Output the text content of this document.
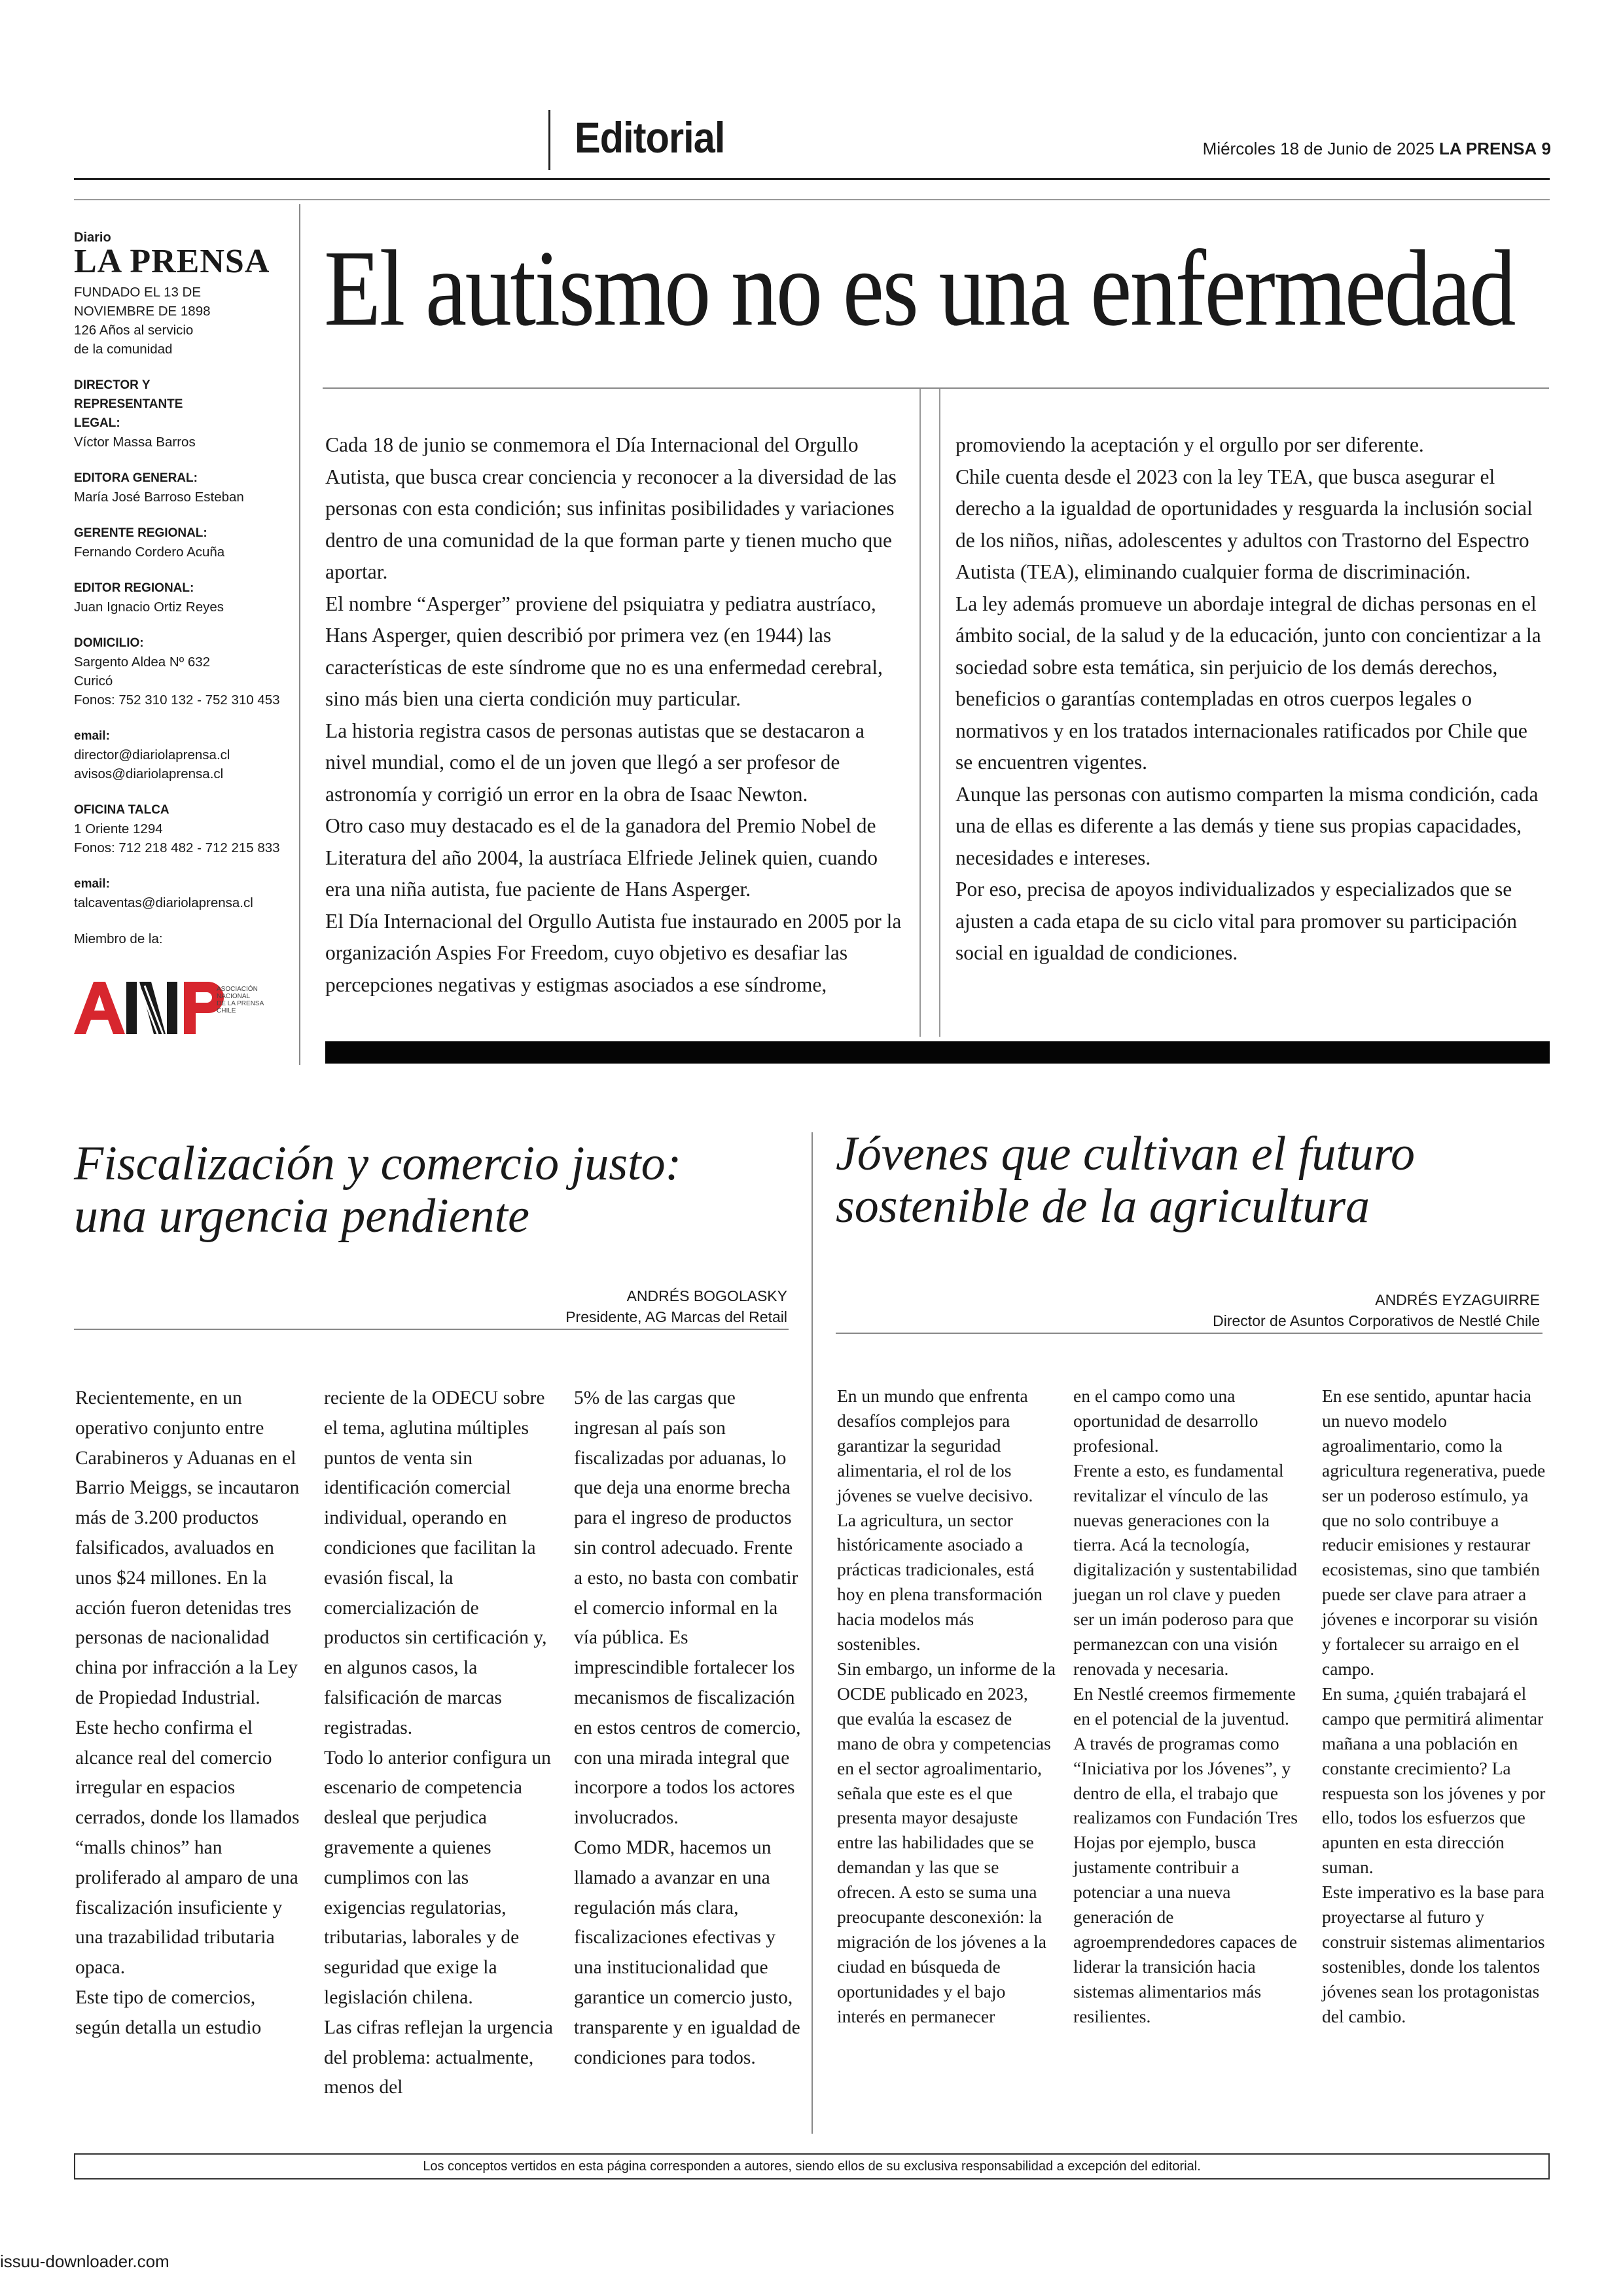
Editorial	Miércoles 18 de Junio de 2025 LA PRENSA 9
Diario
LA PRENSA
FUNDADO EL 13 DE
NOVIEMBRE DE 1898
126 Años al servicio
de la comunidad
DIRECTOR Y REPRESENTANTE LEGAL:
Víctor Massa Barros
EDITORA GENERAL:
María José Barroso Esteban
GERENTE REGIONAL:
Fernando Cordero Acuña
EDITOR REGIONAL:
Juan Ignacio Ortiz Reyes
DOMICILIO:
Sargento Aldea Nº 632
Curicó
Fonos: 752 310 132 - 752 310 453
email:
director@diariolaprensa.cl
avisos@diariolaprensa.cl
OFICINA TALCA
1 Oriente 1294
Fonos: 712 218 482 - 712 215 833
email:
talcaventas@diariolaprensa.cl
Miembro de la:
ASOCIACIÓN
NACIONAL
DE LA PRENSA
CHILE
El autismo no es una enfermedad

Cada 18 de junio se conmemora el Día Internacional del Orgullo Autista, que busca crear conciencia y reconocer a la diversidad de las personas con esta condición; sus infinitas posibilidades y variaciones dentro de una comunidad de la que forman parte y tienen mucho que aportar.

El nombre “Asperger” proviene del psiquiatra y pediatra austríaco, Hans Asperger, quien describió por primera vez (en 1944) las características de este síndrome que no es una enfermedad cerebral, sino más bien una cierta condición muy particular.

La historia registra casos de personas autistas que se destacaron a nivel mundial, como el de un joven que llegó a ser profesor de astronomía y corrigió un error en la obra de Isaac Newton.

Otro caso muy destacado es el de la ganadora del Premio Nobel de Literatura del año 2004, la austríaca Elfriede Jelinek quien, cuando era una niña autista, fue paciente de Hans Asperger.

El Día Internacional del Orgullo Autista fue instaurado en 2005 por la organización Aspies For Freedom, cuyo objetivo es desafiar las percepciones negativas y estigmas asociados a ese síndrome,

promoviendo la aceptación y el orgullo por ser diferente.

Chile cuenta desde el 2023 con la ley TEA, que busca asegurar el derecho a la igualdad de oportunidades y resguarda la inclusión social de los niños, niñas, adolescentes y adultos con Trastorno del Espectro Autista (TEA), eliminando cualquier forma de discriminación.

La ley además promueve un abordaje integral de dichas personas en el ámbito social, de la salud y de la educación, junto con concientizar a la sociedad sobre esta temática, sin perjuicio de los demás derechos, beneficios o garantías contempladas en otros cuerpos legales o normativos y en los tratados internacionales ratificados por Chile que se encuentren vigentes.

Aunque las personas con autismo comparten la misma condición, cada una de ellas es diferente a las demás y tiene sus propias capacidades, necesidades e intereses.

Por eso, precisa de apoyos individualizados y especializados que se ajusten a cada etapa de su ciclo vital para promover su participación social en igualdad de condiciones.

Fiscalización y comercio justo:
una urgencia pendiente
ANDRÉS BOGOLASKY
Presidente, AG Marcas del Retail

Recientemente, en un operativo conjunto entre Carabineros y Aduanas en el Barrio Meiggs, se incautaron más de 3.200 productos falsificados, avaluados en unos $24 millones. En la acción fueron detenidas tres personas de nacionalidad china por infracción a la Ley de Propiedad Industrial.

Este hecho confirma el alcance real del comercio irregular en espacios cerrados, donde los llamados “malls chinos” han proliferado al amparo de una fiscalización insuficiente y una trazabilidad tributaria opaca.

Este tipo de comercios, según detalla un estudio

reciente de la ODECU sobre el tema, aglutina múltiples puntos de venta sin identificación comercial individual, operando en condiciones que facilitan la evasión fiscal, la comercialización de productos sin certificación y, en algunos casos, la falsificación de marcas registradas.

Todo lo anterior configura un escenario de competencia desleal que perjudica gravemente a quienes cumplimos con las exigencias regulatorias, tributarias, laborales y de seguridad que exige la legislación chilena.

Las cifras reflejan la urgencia del problema: actualmente, menos del

5% de las cargas que ingresan al país son fiscalizadas por aduanas, lo que deja una enorme brecha para el ingreso de productos sin control adecuado. Frente a esto, no basta con combatir el comercio informal en la vía pública. Es imprescindible fortalecer los mecanismos de fiscalización en estos centros de comercio, con una mirada integral que incorpore a todos los actores involucrados.

Como MDR, hacemos un llamado a avanzar en una regulación más clara, fiscalizaciones efectivas y una institucionalidad que garantice un comercio justo, transparente y en igualdad de condiciones para todos.

Jóvenes que cultivan el futuro
sostenible de la agricultura
ANDRÉS EYZAGUIRRE
Director de Asuntos Corporativos de Nestlé Chile

En un mundo que enfrenta desafíos complejos para garantizar la seguridad alimentaria, el rol de los jóvenes se vuelve decisivo. La agricultura, un sector históricamente asociado a prácticas tradicionales, está hoy en plena transformación hacia modelos más sostenibles.

Sin embargo, un informe de la OCDE publicado en 2023, que evalúa la escasez de mano de obra y competencias en el sector agroalimentario, señala que este es el que presenta mayor desajuste entre las habilidades que se demandan y las que se ofrecen. A esto se suma una preocupante desconexión: la migración de los jóvenes a la ciudad en búsqueda de oportunidades y el bajo interés en permanecer

en el campo como una oportunidad de desarrollo profesional.

Frente a esto, es fundamental revitalizar el vínculo de las nuevas generaciones con la tierra. Acá la tecnología, digitalización y sustentabilidad juegan un rol clave y pueden ser un imán poderoso para que permanezcan con una visión renovada y necesaria.

En Nestlé creemos firmemente en el potencial de la juventud. A través de programas como “Iniciativa por los Jóvenes”, y dentro de ella, el trabajo que realizamos con Fundación Tres Hojas por ejemplo, busca justamente contribuir a potenciar a una nueva generación de agroemprendedores capaces de liderar la transición hacia sistemas alimentarios más resilientes.

En ese sentido, apuntar hacia un nuevo modelo agroalimentario, como la agricultura regenerativa, puede ser un poderoso estímulo, ya que no solo contribuye a reducir emisiones y restaurar ecosistemas, sino que también puede ser clave para atraer a jóvenes e incorporar su visión y fortalecer su arraigo en el campo.

En suma, ¿quién trabajará el campo que permitirá alimentar mañana a una población en constante crecimiento? La respuesta son los jóvenes y por ello, todos los esfuerzos que apunten en esta dirección suman.

Este imperativo es la base para proyectarse al futuro y construir sistemas alimentarios sostenibles, donde los talentos jóvenes sean los protagonistas del cambio.

Los conceptos vertidos en esta página corresponden a autores, siendo ellos de su exclusiva responsabilidad a excepción del editorial.
issuu-downloader.com
